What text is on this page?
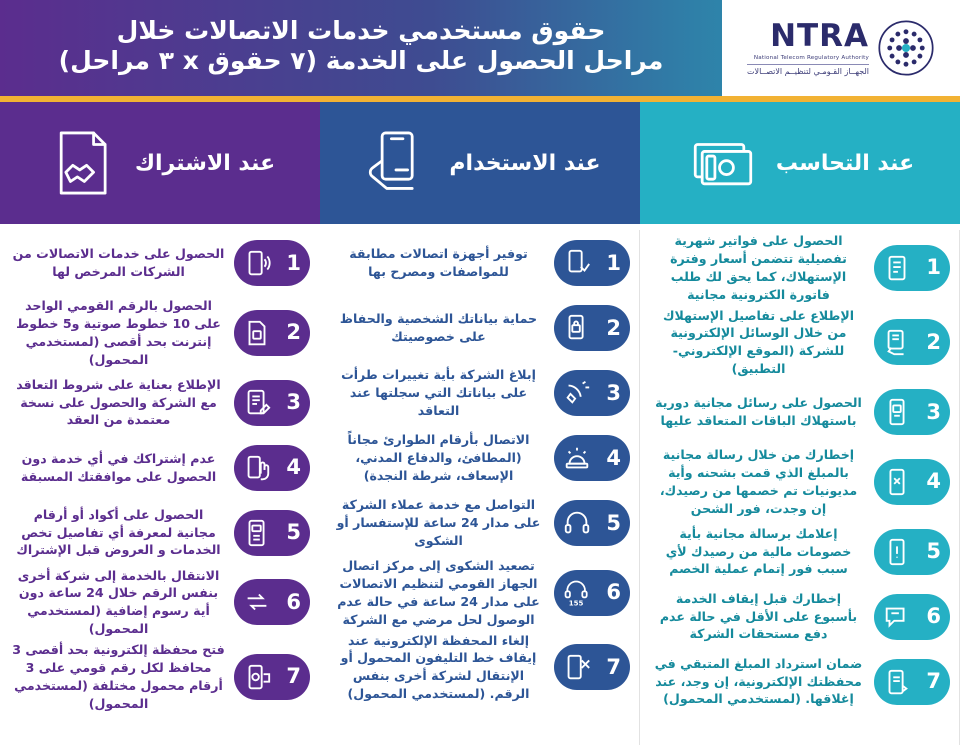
NTRA
National Telecom Regulatory Authority
الجهــاز القـومـي لتنظيــم الاتصــالات
حقوق مستخدمي خدمات الاتصالات خلال
مراحل الحصول على الخدمة (٧ حقوق x ٣ مراحل)
عند التحاسب
عند الاستخدام
عند الاشتراك
1
الحصول على فواتير شهرية تفصيلية تتضمن أسعار وفترة الإستهلاك، كما يحق لك طلب فاتورة الكترونية مجانية
2
الإطلاع على تفاصيل الإستهلاك من خلال الوسائل الإلكترونية للشركة (الموقع الإلكتروني- التطبيق)
3
الحصول على رسائل مجانية دورية باستهلاك الباقات المتعاقد عليها
4
إخطارك من خلال رسالة مجانية بالمبلغ الذي قمت بشحنه وأية مديونيات تم خصمها من رصيدك، إن وجدت، فور الشحن
5
إعلامك برسالة مجانية بأية خصومات مالية من رصيدك لأي سبب فور إتمام عملية الخصم
6
إخطارك قبل إيقاف الخدمة بأسبوع على الأقل في حالة عدم دفع مستحقات الشركة
7
ضمان استرداد المبلغ المتبقي في محفظتك الإلكترونية، إن وجد، عند إغلاقها. (لمستخدمي المحمول)
1
توفير أجهزة اتصالات مطابقة للمواصفات ومصرح بها
2
حماية بياناتك الشخصية والحفاظ على خصوصيتك
3
إبلاغ الشركة بأية تغييرات طرأت على بياناتك التي سجلتها عند التعاقد
4
الاتصال بأرقام الطوارئ مجاناً (المطافئ، والدفاع المدني، الإسعاف، شرطة النجدة)
5
التواصل مع خدمة عملاء الشركة على مدار 24 ساعة للإستفسار أو الشكوى
6
155
تصعيد الشكوى إلى مركز اتصال الجهاز القومي لتنظيم الاتصالات على مدار 24 ساعة في حالة عدم الوصول لحل مرضي مع الشركة
7
إلغاء المحفظة الإلكترونية عند إيقاف خط التليفون المحمول أو الإنتقال لشركة أخرى بنفس الرقم. (لمستخدمي المحمول)
1
الحصول على خدمات الاتصالات من الشركات المرخص لها
2
الحصول بالرقم القومي الواحد على 10 خطوط صوتية و5 خطوط إنترنت بحد أقصى (لمستخدمي المحمول)
3
الإطلاع بعناية على شروط التعاقد مع الشركة والحصول على نسخة معتمدة من العقد
4
عدم إشتراكك في أي خدمة دون الحصول على موافقتك المسبقة
5
الحصول على أكواد أو أرقام مجانية لمعرفة أي تفاصيل تخص الخدمات و العروض قبل الإشتراك
6
الانتقال بالخدمة إلى شركة أخرى بنفس الرقم خلال 24 ساعة دون أية رسوم إضافية (لمستخدمي المحمول)
7
فتح محفظة إلكترونية بحد أقصى 3 محافظ لكل رقم قومي على 3 أرقام محمول مختلفة (لمستخدمي المحمول)
